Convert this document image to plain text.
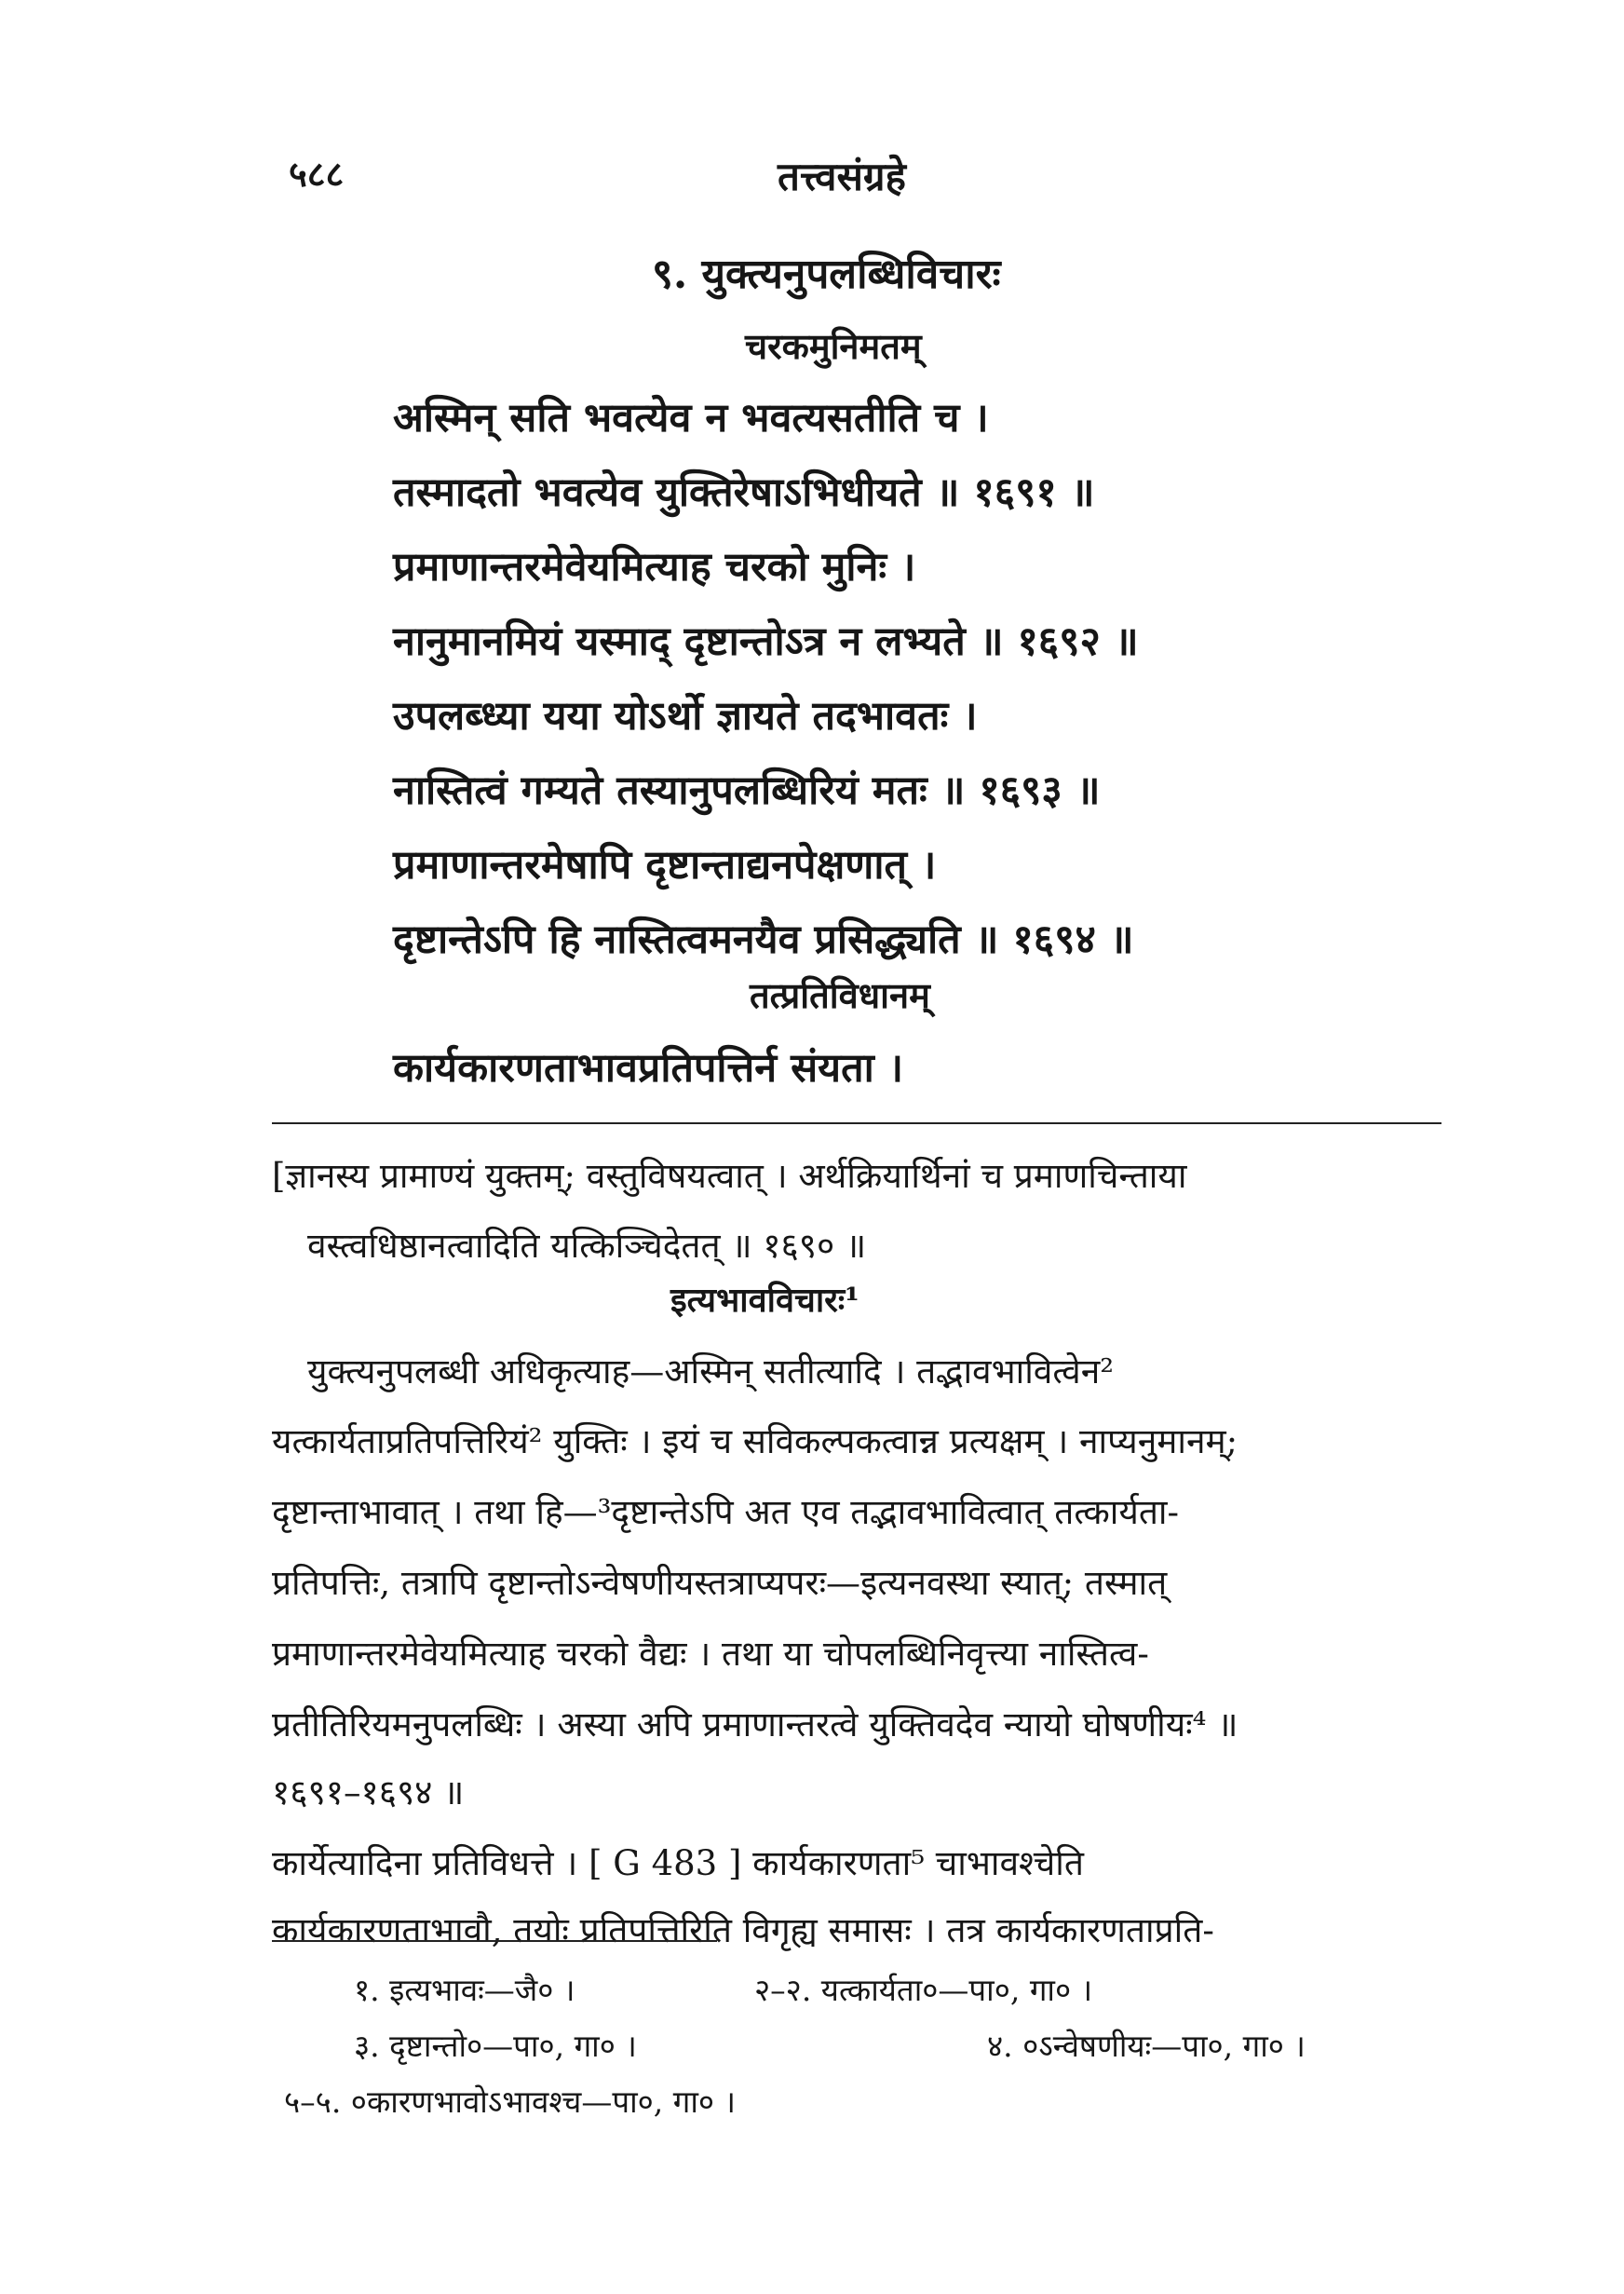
५८८	तत्त्वसंग्रहे
९. युक्त्यनुपलब्धिविचारः
चरकमुनिमतम्
अस्मिन् सति भवत्येव न भवत्यसतीति च ।
तस्मादतो भवत्येव युक्तिरेषाऽभिधीयते ॥ १६९१ ॥
प्रमाणान्तरमेवेयमित्याह चरको मुनिः ।
नानुमानमियं यस्माद् दृष्टान्तोऽत्र न लभ्यते ॥ १६९२ ॥
उपलब्ध्या यया योऽर्थो ज्ञायते तदभावतः ।
नास्तित्वं गम्यते तस्यानुपलब्धिरियं मतः ॥ १६९३ ॥
प्रमाणान्तरमेषापि दृष्टान्ताद्यनपेक्षणात् ।
दृष्टान्तेऽपि हि नास्तित्वमनयैव प्रसिद्ध्यति ॥ १६९४ ॥
तत्प्रतिविधानम्
कार्यकारणताभावप्रतिपत्तिर्न संयता ।
[ज्ञानस्य प्रामाण्यं युक्तम्; वस्तुविषयत्वात् । अर्थक्रियार्थिनां च प्रमाणचिन्ताया
वस्त्वधिष्ठानत्वादिति यत्किञ्चिदेतत् ॥ १६९० ॥
इत्यभावविचारः¹
युक्त्यनुपलब्धी अधिकृत्याह—अस्मिन् सतीत्यादि । तद्भावभावित्वेन²
यत्कार्यताप्रतिपत्तिरियं² युक्तिः । इयं च सविकल्पकत्वान्न प्रत्यक्षम् । नाप्यनुमानम्;
दृष्टान्ताभावात् । तथा हि—³दृष्टान्तेऽपि अत एव तद्भावभावित्वात् तत्कार्यता-
प्रतिपत्तिः, तत्रापि दृष्टान्तोऽन्वेषणीयस्तत्राप्यपरः—इत्यनवस्था स्यात्; तस्मात्
प्रमाणान्तरमेवेयमित्याह चरको वैद्यः । तथा या चोपलब्धिनिवृत्त्या नास्तित्व-
प्रतीतिरियमनुपलब्धिः । अस्या अपि प्रमाणान्तरत्वे युक्तिवदेव न्यायो घोषणीयः⁴ ॥
१६९१–१६९४ ॥
कार्येत्यादिना प्रतिविधत्ते । [ G 483 ] कार्यकारणता⁵ चाभावश्चेति
कार्यकारणताभावौ, तयोः प्रतिपत्तिरिति विगृह्य समासः । तत्र कार्यकारणताप्रति-
१. इत्यभावः—जै० ।	२–२. यत्कार्यता०—पा०, गा० ।
३. दृष्टान्तो०—पा०, गा० ।	४. ०ऽन्वेषणीयः—पा०, गा० ।
५–५. ०कारणभावोऽभावश्च—पा०, गा० ।
